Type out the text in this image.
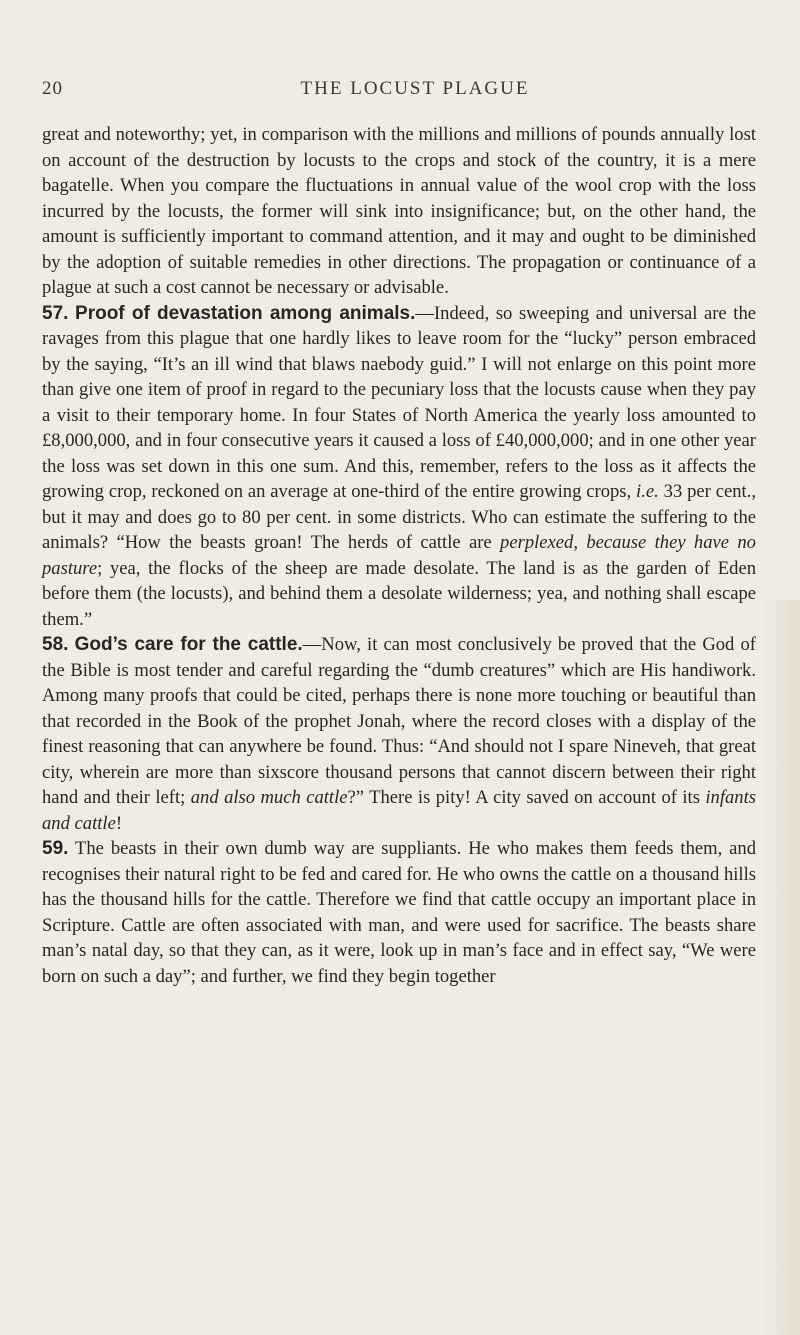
20	THE LOCUST PLAGUE

great and noteworthy; yet, in comparison with the millions and millions of pounds annually lost on account of the destruction by locusts to the crops and stock of the country, it is a mere bagatelle. When you compare the fluctuations in annual value of the wool crop with the loss incurred by the locusts, the former will sink into insignificance; but, on the other hand, the amount is sufficiently important to command attention, and it may and ought to be diminished by the adoption of suitable remedies in other directions. The propagation or continuance of a plague at such a cost cannot be necessary or advisable.

57. Proof of devastation among animals.—Indeed, so sweeping and universal are the ravages from this plague that one hardly likes to leave room for the “lucky” person embraced by the saying, “It’s an ill wind that blaws naebody guid.” I will not enlarge on this point more than give one item of proof in regard to the pecuniary loss that the locusts cause when they pay a visit to their temporary home. In four States of North America the yearly loss amounted to £8,000,000, and in four consecutive years it caused a loss of £40,000,000; and in one other year the loss was set down in this one sum. And this, remember, refers to the loss as it affects the growing crop, reckoned on an average at one-third of the entire growing crops, i.e. 33 per cent., but it may and does go to 80 per cent. in some districts. Who can estimate the suffering to the animals? “How the beasts groan! The herds of cattle are perplexed, because they have no pasture; yea, the flocks of the sheep are made desolate. The land is as the garden of Eden before them (the locusts), and behind them a desolate wilderness; yea, and nothing shall escape them.”

58. God’s care for the cattle.—Now, it can most conclusively be proved that the God of the Bible is most tender and careful regarding the “dumb creatures” which are His handiwork. Among many proofs that could be cited, perhaps there is none more touching or beautiful than that recorded in the Book of the prophet Jonah, where the record closes with a display of the finest reasoning that can anywhere be found. Thus: “And should not I spare Nineveh, that great city, wherein are more than sixscore thousand persons that cannot discern between their right hand and their left; and also much cattle?” There is pity! A city saved on account of its infants and cattle!

59. The beasts in their own dumb way are suppliants. He who makes them feeds them, and recognises their natural right to be fed and cared for. He who owns the cattle on a thousand hills has the thousand hills for the cattle. Therefore we find that cattle occupy an important place in Scripture. Cattle are often associated with man, and were used for sacrifice. The beasts share man’s natal day, so that they can, as it were, look up in man’s face and in effect say, “We were born on such a day”; and further, we find they begin together
